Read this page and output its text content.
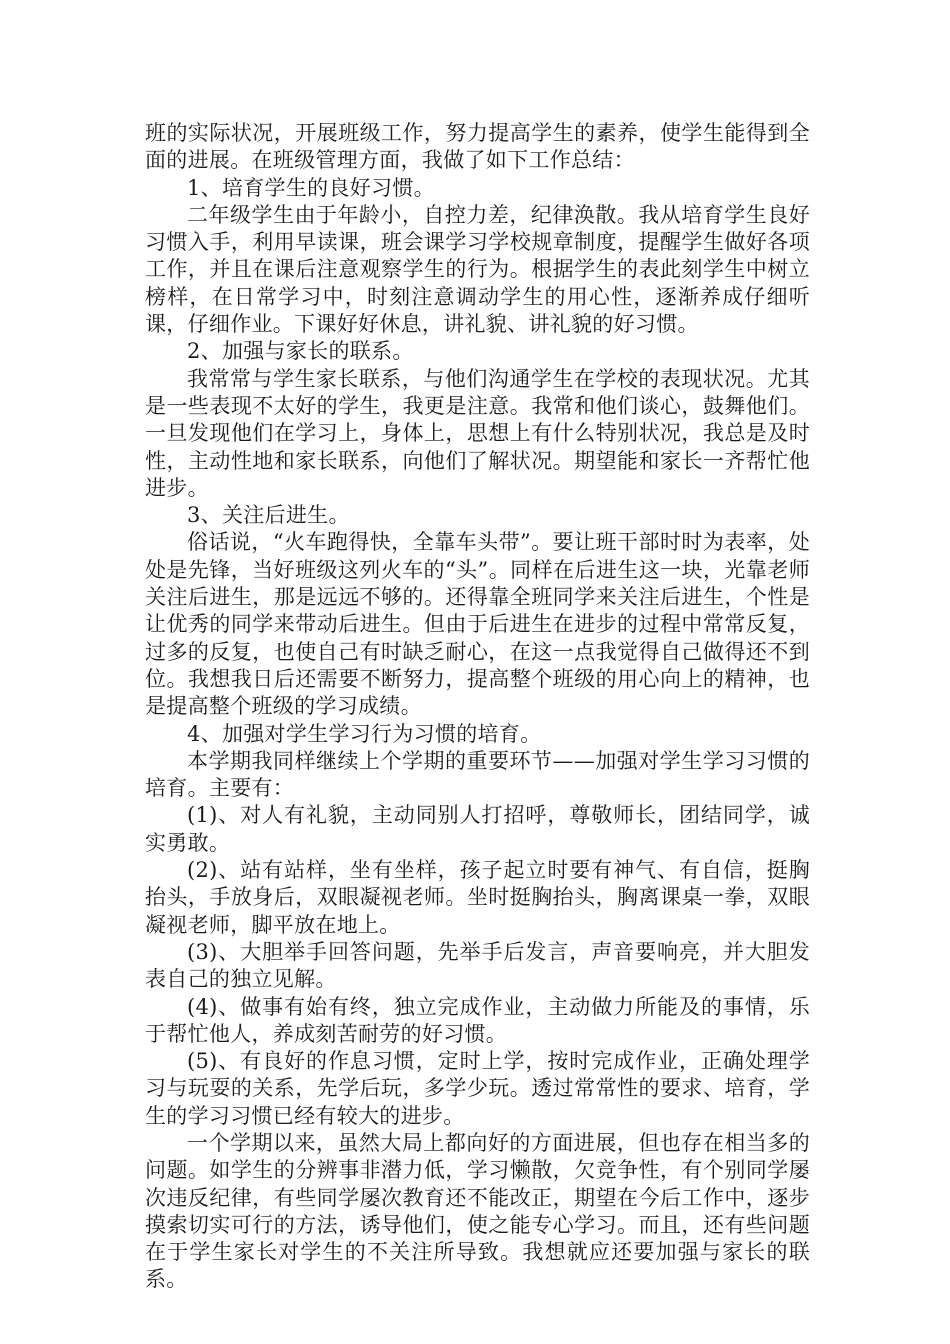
班的实际状况，开展班级工作，努力提高学生的素养，使学生能得到全面的进展。在班级管理方面，我做了如下工作总结：

1、培育学生的良好习惯。

二年级学生由于年龄小，自控力差，纪律涣散。我从培育学生良好习惯入手，利用早读课，班会课学习学校规章制度，提醒学生做好各项工作，并且在课后注意观察学生的行为。根据学生的表此刻学生中树立榜样，在日常学习中，时刻注意调动学生的用心性，逐渐养成仔细听课，仔细作业。下课好好休息，讲礼貌、讲礼貌的好习惯。

2、加强与家长的联系。

我常常与学生家长联系，与他们沟通学生在学校的表现状况。尤其是一些表现不太好的学生，我更是注意。我常和他们谈心，鼓舞他们。一旦发现他们在学习上，身体上，思想上有什么特别状况，我总是及时性，主动性地和家长联系，向他们了解状况。期望能和家长一齐帮忙他进步。

3、关注后进生。

俗话说，“火车跑得快，全靠车头带”。要让班干部时时为表率，处处是先锋，当好班级这列火车的“头”。同样在后进生这一块，光靠老师关注后进生，那是远远不够的。还得靠全班同学来关注后进生，个性是让优秀的同学来带动后进生。但由于后进生在进步的过程中常常反复，过多的反复，也使自己有时缺乏耐心，在这一点我觉得自己做得还不到位。我想我日后还需要不断努力，提高整个班级的用心向上的精神，也是提高整个班级的学习成绩。

4、加强对学生学习行为习惯的培育。

本学期我同样继续上个学期的重要环节——加强对学生学习习惯的培育。主要有：

(1)、对人有礼貌，主动同别人打招呼，尊敬师长，团结同学，诚实勇敢。

(2)、站有站样，坐有坐样，孩子起立时要有神气、有自信，挺胸抬头，手放身后，双眼凝视老师。坐时挺胸抬头，胸离课桌一拳，双眼凝视老师，脚平放在地上。

(3)、大胆举手回答问题，先举手后发言，声音要响亮，并大胆发表自己的独立见解。

(4)、做事有始有终，独立完成作业，主动做力所能及的事情，乐于帮忙他人，养成刻苦耐劳的好习惯。

(5)、有良好的作息习惯，定时上学，按时完成作业，正确处理学习与玩耍的关系，先学后玩，多学少玩。透过常常性的要求、培育，学生的学习习惯已经有较大的进步。

一个学期以来，虽然大局上都向好的方面进展，但也存在相当多的问题。如学生的分辨事非潜力低，学习懒散，欠竞争性，有个别同学屡次违反纪律，有些同学屡次教育还不能改正，期望在今后工作中，逐步摸索切实可行的方法，诱导他们，使之能专心学习。而且，还有些问题在于学生家长对学生的不关注所导致。我想就应还要加强与家长的联系。
